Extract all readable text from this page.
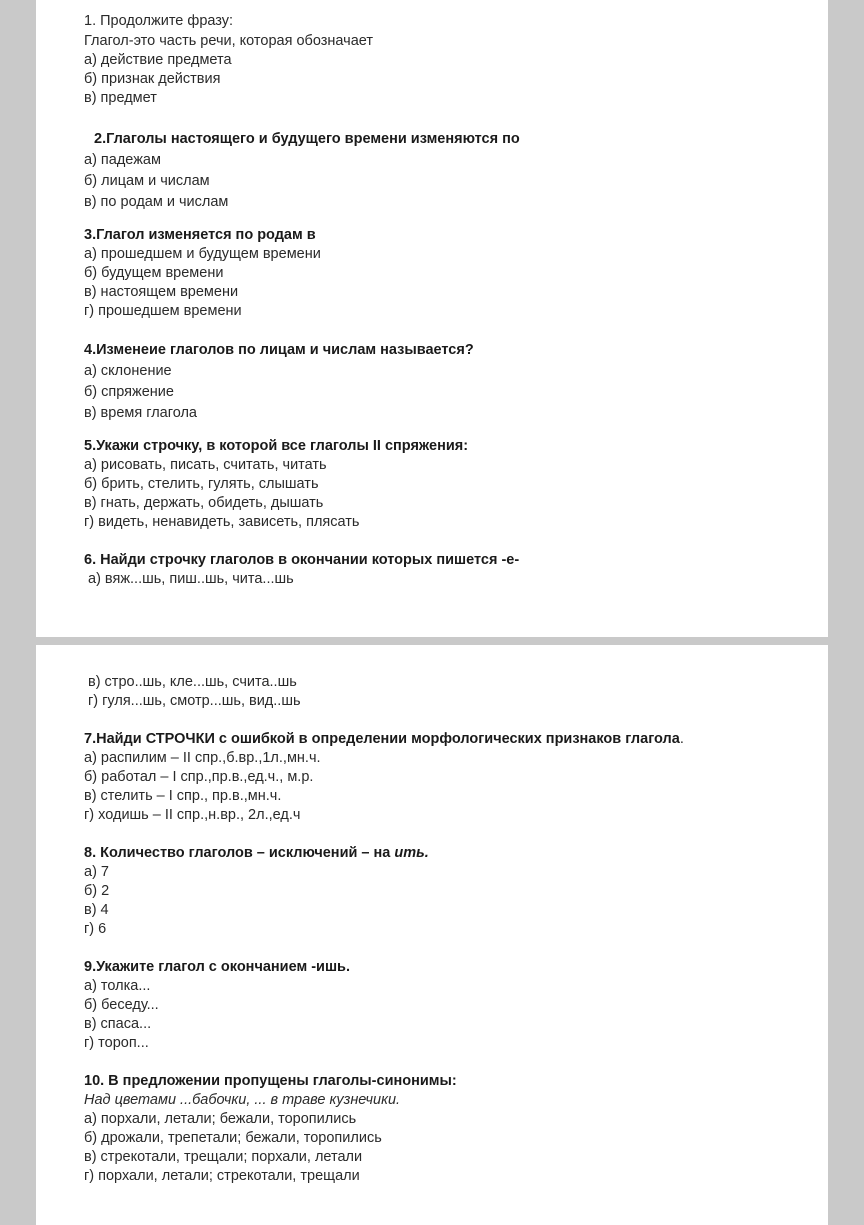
1. Продолжите фразу:
Глагол-это часть речи, которая обозначает
а) действие предмета
б) признак действия
в) предмет
2.Глаголы настоящего и будущего времени изменяются по
а) падежам
б) лицам и числам
в) по родам и числам
3.Глагол изменяется по родам в
а) прошедшем и будущем времени
б) будущем времени
в) настоящем времени
г) прошедшем времени
4.Изменеие глаголов по лицам и числам называется?
а) склонение
б) спряжение
в) время глагола
5.Укажи строчку, в которой все глаголы II спряжения:
а) рисовать, писать, считать, читать
б) брить, стелить, гулять, слышать
в) гнать, держать, обидеть, дышать
г) видеть, ненавидеть, зависеть, плясать
6. Найди строчку глаголов в окончании которых пишется -е-
а) вяж...шь, пиш..шь, чита...шь
в) стро..шь, кле...шь, счита..шь
г) гуля...шь, смотр...шь, вид..шь
7.Найди СТРОЧКИ с ошибкой в определении морфологических признаков глагола.
а) распилим – II спр.,б.вр.,1л.,мн.ч.
б) работал – I спр.,пр.в.,ед.ч., м.р.
в) стелить – I спр., пр.в.,мн.ч.
г) ходишь – II спр.,н.вр., 2л.,ед.ч
8. Количество глаголов – исключений – на ить.
а) 7
б) 2
в) 4
г) 6
9.Укажите глагол с окончанием -ишь.
а) толка...
б) беседу...
в) спаса...
г) тороп...
10. В предложении пропущены глаголы-синонимы:
Над цветами ...бабочки, ... в траве кузнечики.
а) порхали, летали; бежали, торопились
б) дрожали, трепетали; бежали, торопились
в) стрекотали, трещали; порхали, летали
г) порхали, летали; стрекотали, трещали
